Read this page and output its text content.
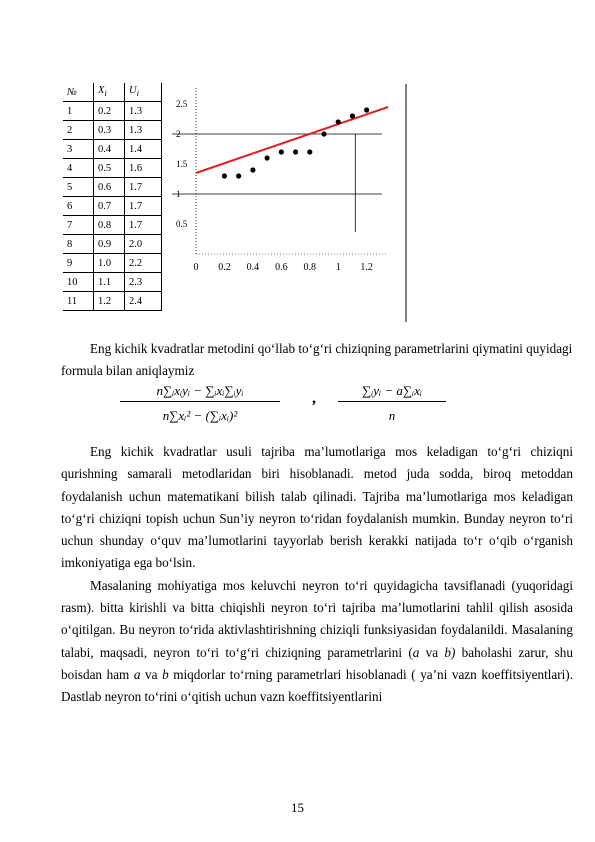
№	$X_i$	$U_i$
1	0.2	1.3
2	0.3	1.3
3	0.4	1.4
4	0.5	1.6
5	0.6	1.7
6	0.7	1.7
7	0.8	1.7
8	0.9	2.0
9	1.0	2.2
10	1.1	2.3
11	1.2	2.4
0.5
1
1.5
2
2.5
0 0.2 0.4 0.6 0.8 1 1.2

Eng kichik kvadratlar metodini qo‘llab to‘g‘ri chiziqning parametrlarini qiymatini quyidagi formula bilan aniqlaymiz

n∑ᵢxᵢyᵢ − ∑ᵢxᵢ∑ᵢyᵢ
n∑xᵢ² − (∑ᵢxᵢ)²
,	∑ᵢyᵢ − a∑ᵢxᵢ
n

Eng kichik kvadratlar usuli tajriba ma’lumotlariga mos keladigan to‘g‘ri chiziqni qurishning samarali metodlaridan biri hisoblanadi. metod juda sodda, biroq metoddan foydalanish uchun matematikani bilish talab qilinadi. Tajriba ma’lumotlariga mos keladigan to‘g‘ri chiziqni topish uchun Sun’iy neyron to‘ridan foydalanish mumkin. Bunday neyron to‘ri uchun shunday o‘quv ma’lumotlarini tayyorlab berish kerakki natijada to‘r o‘qib o‘rganish imkoniyatiga ega bo‘lsin.

Masalaning mohiyatiga mos keluvchi neyron to‘ri quyidagicha tavsiflanadi (yuqoridagi rasm). bitta kirishli va bitta chiqishli neyron to‘ri tajriba ma’lumotlarini tahlil qilish asosida o‘qitilgan. Bu neyron to‘rida aktivlashtirishning chiziqli funksiyasidan foydalanildi. Masalaning talabi, maqsadi, neyron to‘ri to‘g‘ri chiziqning parametrlarini (a va b) baholashi zarur, shu boisdan ham a va b miqdorlar to‘rning parametrlari hisoblanadi ( ya’ni vazn koeffitsiyentlari). Dastlab neyron to‘rini o‘qitish uchun vazn koeffitsiyentlarini

15
